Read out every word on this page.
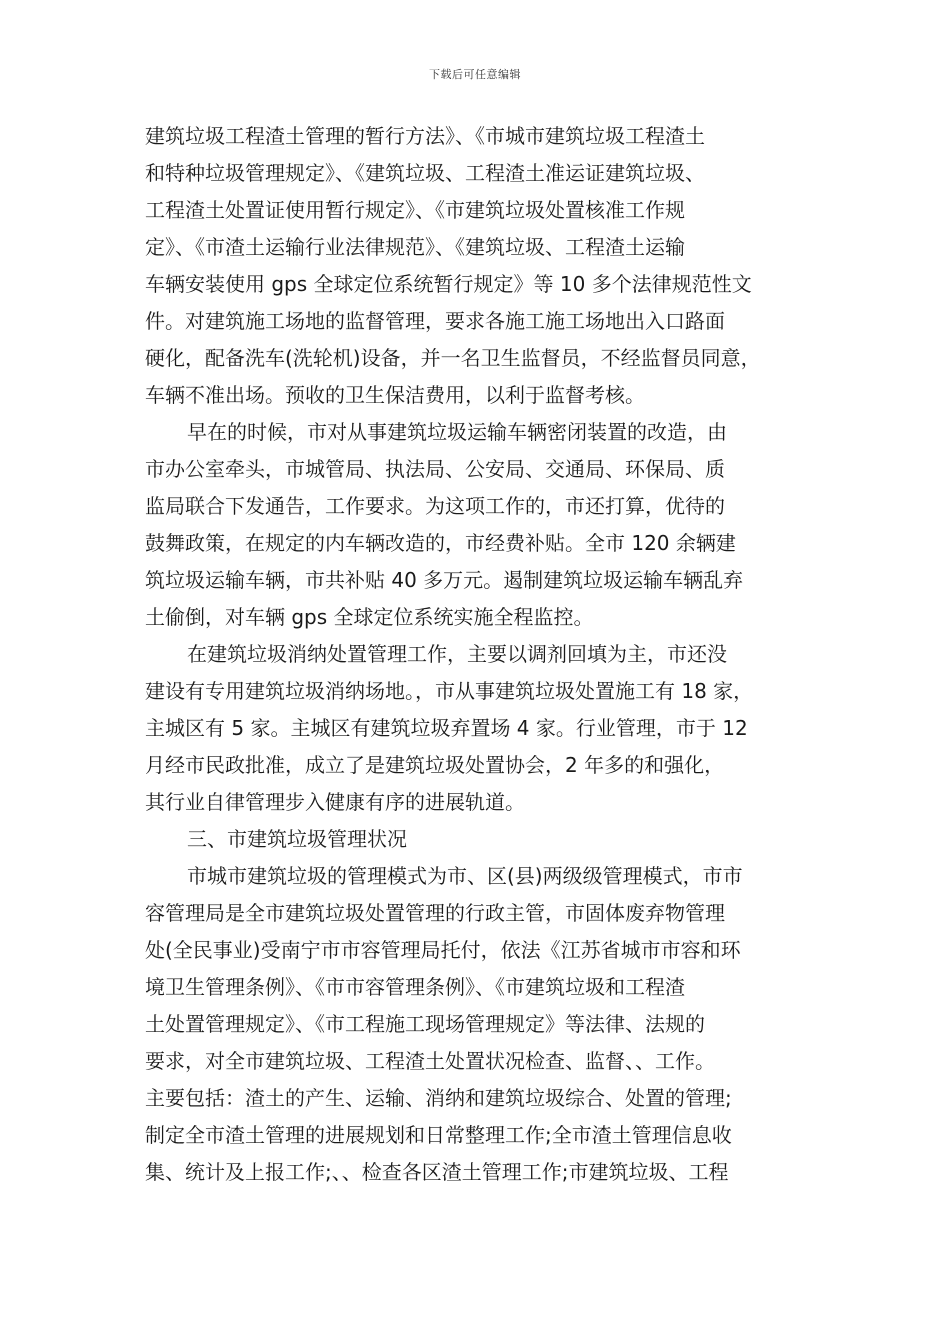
下载后可任意编辑
建筑垃圾工程渣土管理的暂行方法》、《市城市建筑垃圾工程渣土
和特种垃圾管理规定》、《建筑垃圾、工程渣土准运证建筑垃圾、
工程渣土处置证使用暂行规定》、《市建筑垃圾处置核准工作规
定》、《市渣土运输行业法律规范》、《建筑垃圾、工程渣土运输
车辆安装使用 gps 全球定位系统暂行规定》等 10 多个法律规范性文
件。对建筑施工场地的监督管理，要求各施工施工场地出入口路面
硬化，配备洗车(洗轮机)设备，并一名卫生监督员，不经监督员同意，
车辆不准出场。预收的卫生保洁费用，以利于监督考核。
早在的时候，市对从事建筑垃圾运输车辆密闭装置的改造，由
市办公室牵头，市城管局、执法局、公安局、交通局、环保局、质
监局联合下发通告，工作要求。为这项工作的，市还打算，优待的
鼓舞政策，在规定的内车辆改造的，市经费补贴。全市 120 余辆建
筑垃圾运输车辆，市共补贴 40 多万元。遏制建筑垃圾运输车辆乱弃
土偷倒，对车辆 gps 全球定位系统实施全程监控。
在建筑垃圾消纳处置管理工作，主要以调剂回填为主，市还没
建设有专用建筑垃圾消纳场地。，市从事建筑垃圾处置施工有 18 家，
主城区有 5 家。主城区有建筑垃圾弃置场 4 家。行业管理，市于 12
月经市民政批准，成立了是建筑垃圾处置协会，2 年多的和强化，
其行业自律管理步入健康有序的进展轨道。
三、市建筑垃圾管理状况
市城市建筑垃圾的管理模式为市、区(县)两级级管理模式，市市
容管理局是全市建筑垃圾处置管理的行政主管，市固体废弃物管理
处(全民事业)受南宁市市容管理局托付，依法《江苏省城市市容和环
境卫生管理条例》、《市市容管理条例》、《市建筑垃圾和工程渣
土处置管理规定》、《市工程施工现场管理规定》等法律、法规的
要求，对全市建筑垃圾、工程渣土处置状况检查、监督、、工作。
主要包括：渣土的产生、运输、消纳和建筑垃圾综合、处置的管理;
制定全市渣土管理的进展规划和日常整理工作;全市渣土管理信息收
集、统计及上报工作;、、检查各区渣土管理工作;市建筑垃圾、工程
